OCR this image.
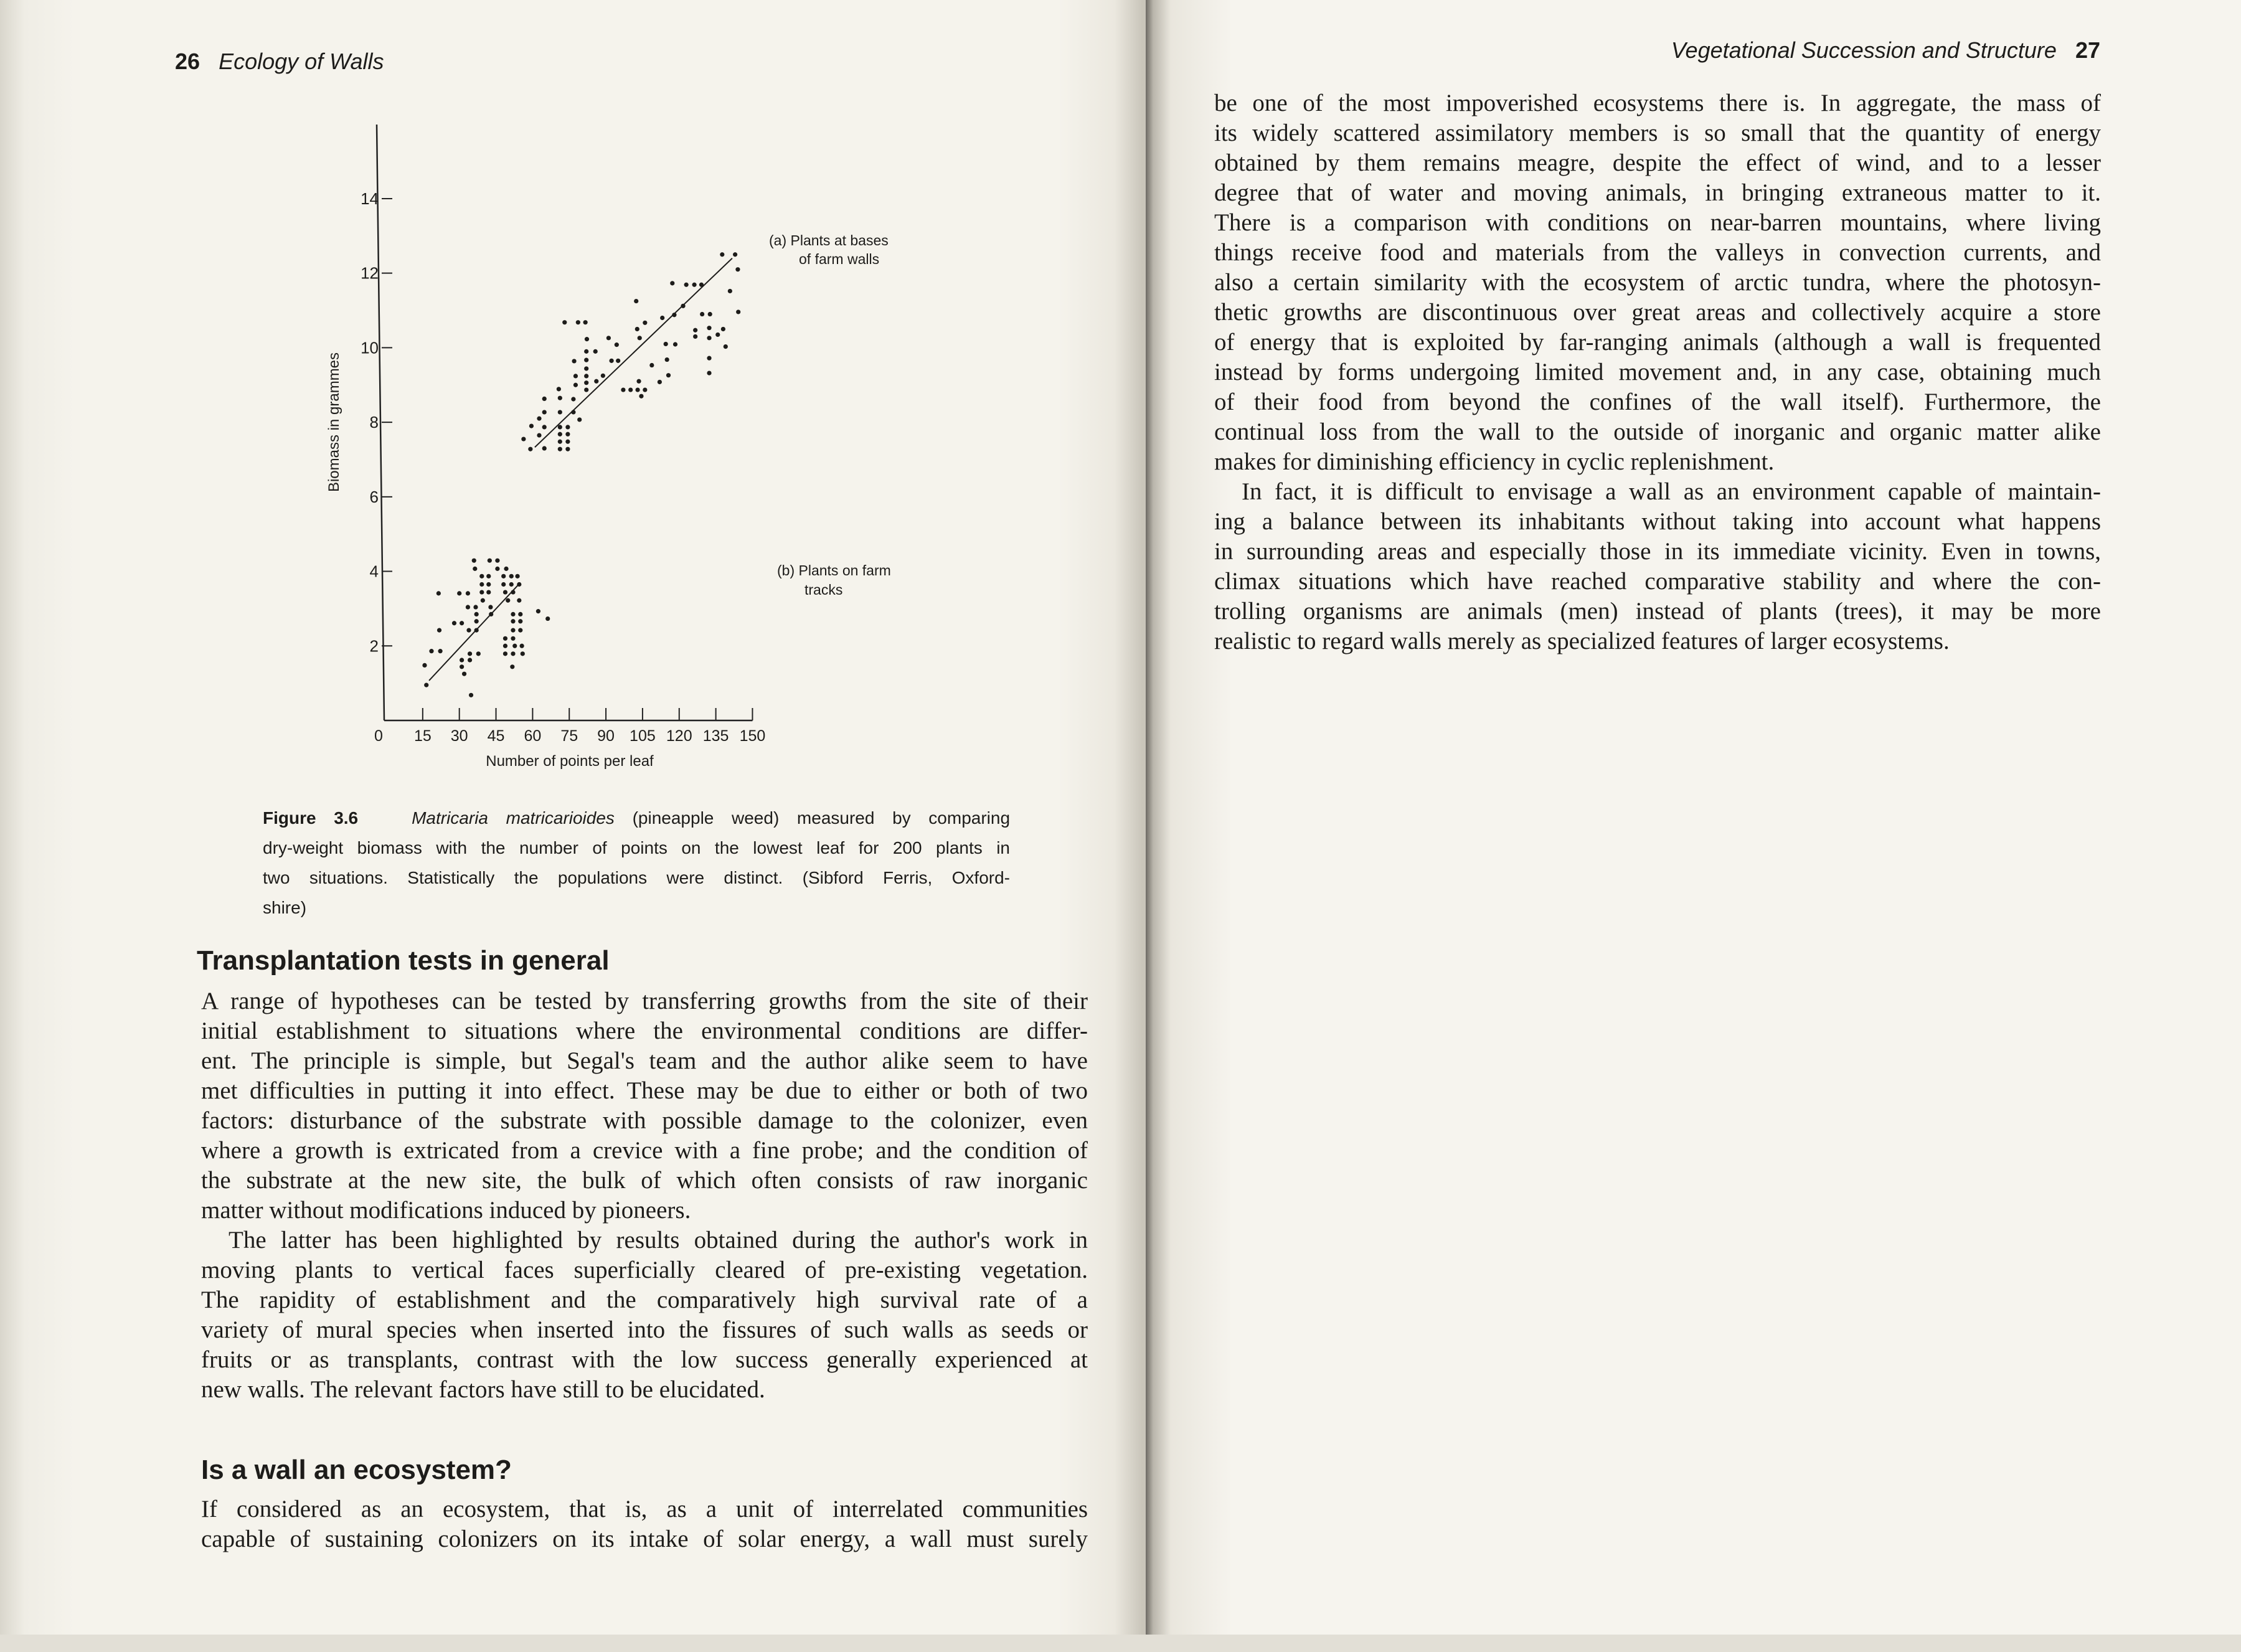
26 Ecology of Walls
2
4
6
8
10
12
14
0 15 30 45 60 75 90 105 120 135 150
Number of points per leaf
Biomass in grammes
(a) Plants at bases
of farm walls
(b) Plants on farm
tracks
Figure 3.6	Matricaria matricarioides (pineapple weed) measured by comparing
dry-weight biomass with the number of points on the lowest leaf for 200 plants in
two situations. Statistically the populations were distinct. (Sibford Ferris, Oxford-
shire)
Transplantation tests in general
A range of hypotheses can be tested by transferring growths from the site of their
initial establishment to situations where the environmental conditions are differ-
ent. The principle is simple, but Segal's team and the author alike seem to have
met difficulties in putting it into effect. These may be due to either or both of two
factors: disturbance of the substrate with possible damage to the colonizer, even
where a growth is extricated from a crevice with a fine probe; and the condition of
the substrate at the new site, the bulk of which often consists of raw inorganic
matter without modifications induced by pioneers.
The latter has been highlighted by results obtained during the author's work in
moving plants to vertical faces superficially cleared of pre-existing vegetation.
The rapidity of establishment and the comparatively high survival rate of a
variety of mural species when inserted into the fissures of such walls as seeds or
fruits or as transplants, contrast with the low success generally experienced at
new walls. The relevant factors have still to be elucidated.
Is a wall an ecosystem?
If considered as an ecosystem, that is, as a unit of interrelated communities
capable of sustaining colonizers on its intake of solar energy, a wall must surely
Vegetational Succession and Structure 27
be one of the most impoverished ecosystems there is. In aggregate, the mass of
its widely scattered assimilatory members is so small that the quantity of energy
obtained by them remains meagre, despite the effect of wind, and to a lesser
degree that of water and moving animals, in bringing extraneous matter to it.
There is a comparison with conditions on near-barren mountains, where living
things receive food and materials from the valleys in convection currents, and
also a certain similarity with the ecosystem of arctic tundra, where the photosyn-
thetic growths are discontinuous over great areas and collectively acquire a store
of energy that is exploited by far-ranging animals (although a wall is frequented
instead by forms undergoing limited movement and, in any case, obtaining much
of their food from beyond the confines of the wall itself). Furthermore, the
continual loss from the wall to the outside of inorganic and organic matter alike
makes for diminishing efficiency in cyclic replenishment.
In fact, it is difficult to envisage a wall as an environment capable of maintain-
ing a balance between its inhabitants without taking into account what happens
in surrounding areas and especially those in its immediate vicinity. Even in towns,
climax situations which have reached comparative stability and where the con-
trolling organisms are animals (men) instead of plants (trees), it may be more
realistic to regard walls merely as specialized features of larger ecosystems.
